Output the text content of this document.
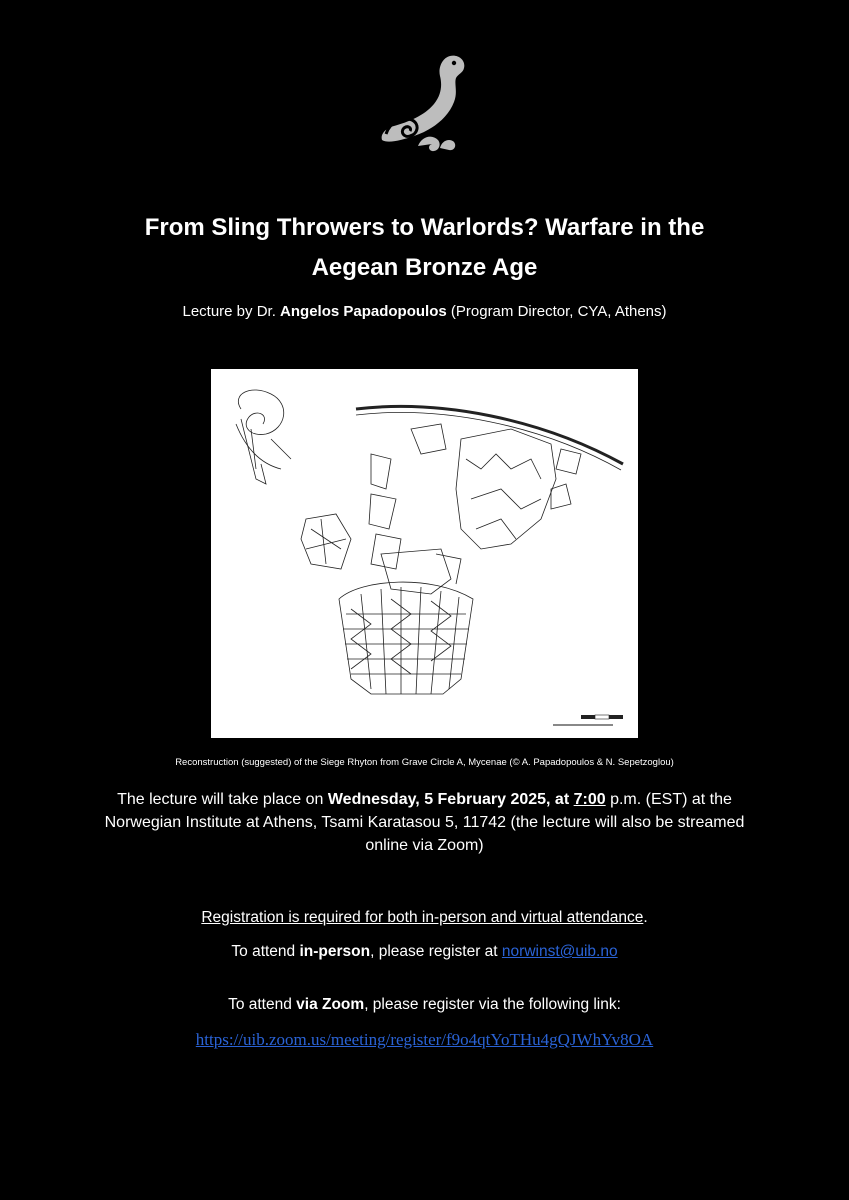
From Sling Throwers to Warlords? Warfare in the
Aegean Bronze Age
Lecture by Dr. Angelos Papadopoulos (Program Director, CYA, Athens)
Reconstruction (suggested) of the Siege Rhyton from Grave Circle A, Mycenae (© A. Papadopoulos & N. Sepetzoglou)
The lecture will take place on Wednesday, 5 February 2025, at 7:00 p.m. (EST) at the Norwegian Institute at Athens, Tsami Karatasou 5, 11742 (the lecture will also be streamed online via Zoom)
Registration is required for both in-person and virtual attendance.
To attend in-person, please register at norwinst@uib.no
To attend via Zoom, please register via the following link:
https://uib.zoom.us/meeting/register/f9o4qtYoTHu4gQJWhYv8OA
